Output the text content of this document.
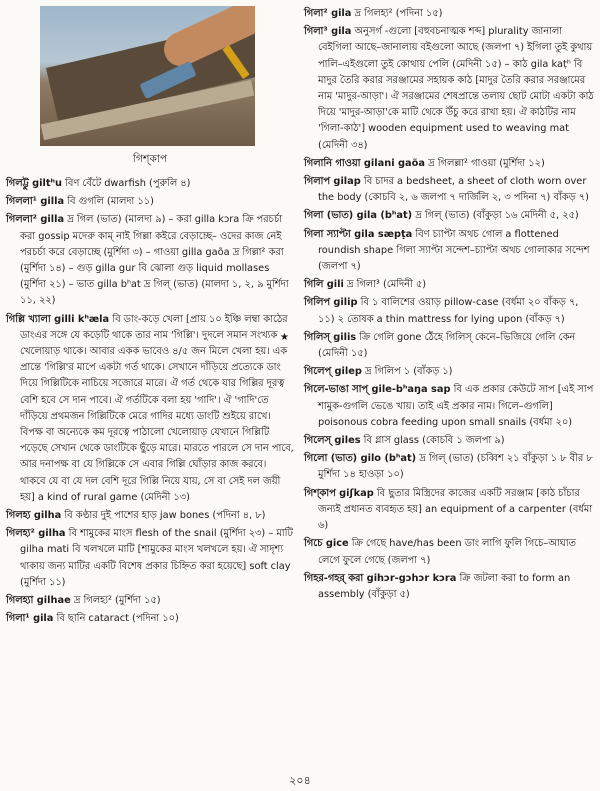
গিশ্‌কাপ
গিলট্টু giltʰu বিণ বেঁটে dwarfish (পুরুলি ৪)
গিললা¹ gilla বি গুগলি (মালদা ১১)
গিললা² gilla দ্র গিল (ভাত) (মালদা ৯) – করা gilla kɔra ক্রি পরচর্চা করা gossip মদেরু কাম্ নাই গিল্লা কইরে বেড়াচ্ছে– ওদের কাজ নেই পরচর্চা করে বেড়াচ্ছে (মুর্শিদা ৩) – গাওয়া gilla gaõa দ্র গিল্লা² করা (মুর্শিদা ১৪) – গুড় gilla gur বি ঝোলা গুড় liquid mollases (মুর্শিদা ২১) – ভাত gilla bʰat দ্র গিল্ (ভাত) (মালদা ১, ২, ৯ মুর্শিদা ১১, ২২)
গিল্লি খ্যালা gilli kʰæla বি ডাং-কড়ে খেলা [প্রায় ১০ ইঞ্চি লম্বা কাঠের ডাংএর সঙ্গে যে কড়েটি থাকে তার নাম 'গিল্লি'। দুদলে সমান সংখ্যক খেলোয়াড় থাকে। আবার একক ভাবেও ৪/৫ জন মিলে খেলা হয়। এক প্রান্তে 'গিল্লি'র মাপে একটা গর্ত থাকে। সেখানে দাঁড়িয়ে প্রত্যেকে ডাং দিয়ে গিল্লিটিকে নাচিয়ে সজোরে মারে। ঐ গর্ত থেকে যার গিল্লির দূরত্ব বেশি হবে সে দান পাবে। ঐ গর্তটিকে বলা হয় 'গাদি'। ঐ 'গাদি'তে দাঁড়িয়ে প্রথমজন গিল্লিটিকে মেরে গাদির মধ্যে ডাংটি শুইয়ে রাখে। বিপক্ষ বা অন্যেকে কম দূরত্বে পাঠালো খেলোয়াড় যেখানে গিল্লিটি পড়েছে সেখান থেকে ডাংটিকে ছুঁড়ে মারে। মারতে পারলে সে দান পাবে, আর দনাপক্ষ বা যে গিল্লিকে সে এবার গিল্লি ঘোঁড়ার কাজ করবে। থাকবে যে বা যে দল বেশি দূরে গিল্লি নিয়ে যায়, সে বা সেই দল জয়ী হয়] a kind of rural game (মেদিনী ১৩)
গিলহ্য gilha বি কণ্ঠার দুই পাশের হাড় jaw bones (পদিনা ৪, ৮)
গিলহ্য² gilha বি শামুকের মাংস flesh of the snail (মুর্শিদা ২৩) – মাটি gilha mati বি খলখলে মাটি [শামুকের মাংস খলখলে হয়। ঐ সাদৃশ্য থাকায় জন্য মাটির একটি বিশেষ প্রকার চিহ্নিত করা হয়েছে] soft clay (মুর্শিদা ১১)
গিলহ্যা gilhae দ্র গিলহ্য² (মুর্শিদা ১৫)
গিলা¹ gila বি ছানি cataract (পদিনা ১০)
গিলা² gila দ্র গিলহ্য² (পদিনা ১৫)
গিলা³ gila অনুসর্গ -গুলো [বহুবচনাত্মক শব্দ] plurality জানালা বেইগিলা আছে–জানালায় বইগুলো আছে (জলপা ৭) ইগিলা তুই কুথায় পালি–এইগুলো তুই কোথায় পেলি (মেদিনী ১৫) – কাঠ gila kaṭʰ বি মাদুর তৈরি করার সরঞ্জামের সহায়ক কাঠ [মাদুর তৈরি করার সরঞ্জামের নাম 'মাদুর-আড়া'। ঐ সরঞ্জামের শেষপ্রান্তে তলায় ছোট মোটা একটা কাঠ দিয়ে 'মাদুর-আড়া'কে মাটি থেকে উঁচু করে রাখা হয়। ঐ কাঠটির নাম 'গিলা-কাঠ'] wooden equipment used to weaving mat (মেদিনী ৩৪)
গিলানি গাওয়া gilani gaõa দ্র গিলল্লা² গাওয়া (মুর্শিদা ১২)
গিলাপ gilap বি চাদর a bedsheet, a sheet of cloth worn over the body (কোচবি ২, ৬ জলপা ৭ দার্জিলি ২, ৩ পদিনা ৭) বাঁকড় ৭)
গিলা (ভাত) gila (bʰat) দ্র গিল্ (ভাত) (বাঁকুড়া ১৬ মেদিনী ৫, ২৫)
গিলা স্যাপ্টা gila sæpṭa বিণ চ্যাপ্টা অথচ গোল a flottened roundish shape গিলা স্যাপ্টা সন্দেশ–চ্যাপ্টা অথচ গোলাকার সন্দেশ (জলপা ৭)
গিলি gili দ্র গিলা³ (মেদিনী ৫)
গিলিপ gilip বি ১ বালিশের ওয়াড় pillow-case (বর্ধমা ২০ বাঁকড় ৭, ১১) ২ তোষক a thin mattress for lying upon (বাঁকড় ৭)
★	গিলিস্ gilis ক্রি গেলি gone ঠেঁহে গিলিস্ কেনে–ভিজিয়ে গেলি কেন (মেদিনী ১৫)
গিলেপ্ gilep দ্র গিলিপ ১ (বাঁকড় ১)
গিলে-ভাঙা সাপ্ gile-bʰaŋa sap বি এক প্রকার কেউটে সাপ [এই সাপ শামুক-গুগলি ভেঙে খায়। তাই এই প্রকার নাম। গিলে–গুগলি] poisonous cobra feeding upon small snails (বর্ধমা ২০)
গিলেস্ giles বি গ্লাস glass (কোচবি ১ জলপা ৯)
গিলো (ভাত) gilo (bʰat) দ্র গিল্ (ভাত) (চব্বিশ ২১ বাঁকুড়া ১ ৮ বীর ৮ মুর্শিদা ১৪ হাওড়া ১০)
গিশ্‌কাপ giʃkap বি ছুতার মিস্ত্রিদের কাজের একটি সরঞ্জাম [কাঠ চাঁচার জন্যই প্রধানত ব্যবহৃত হয়] an equipment of a carpenter (বর্ধমা ৬)
গিচে gice ক্রি গেছে have/has been ডাং লাগি ফুলি গিচে–আঘাত লেগে ফুলে গেছে (জলপা ৭)
গিহর-গহর্ করা gihɔr-gɔhɔr kɔra ক্রি জটলা করা to form an assembly (বাঁকুড়া ৫)
২০৪
